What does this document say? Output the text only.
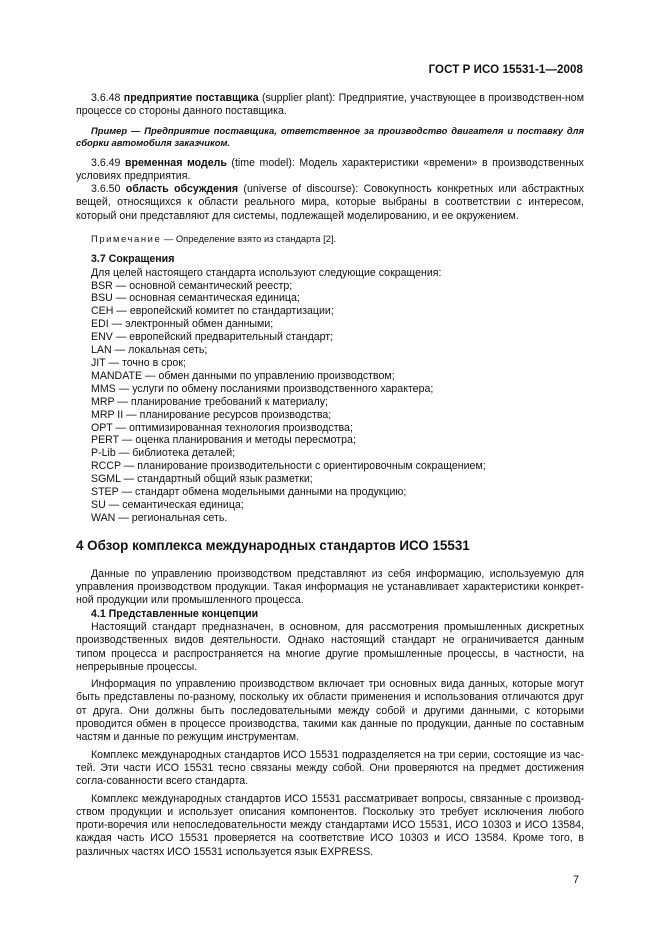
ГОСТ Р ИСО 15531-1—2008

3.6.48 предприятие поставщика (supplier plant): Предприятие, участвующее в производствен-ном процессе со стороны данного поставщика.

Пример — Предприятие поставщика, ответственное за производство двигателя и поставку для сборки автомобиля заказчиком.

3.6.49 временная модель (time model): Модель характеристики «времени» в производственных условиях предприятия.

3.6.50 область обсуждения (universe of discourse): Совокупность конкретных или абстрактных вещей, относящихся к области реального мира, которые выбраны в соответствии с интересом, который они представляют для системы, подлежащей моделированию, и ее окружением.

Примечание — Определение взято из стандарта [2].

3.7 Сокращения

Для целей настоящего стандарта используют следующие сокращения:

BSR — основной семантический реестр;

BSU — основная семантическая единица;

CEH — европейский комитет по стандартизации;

EDI — электронный обмен данными;

ENV — европейский предварительный стандарт;

LAN — локальная сеть;

JIT — точно в срок;

MANDATE — обмен данными по управлению производством;

MMS — услуги по обмену посланиями производственного характера;

MRP — планирование требований к материалу;

MRP II — планирование ресурсов производства;

OPT — оптимизированная технология производства;

PERT — оценка планирования и методы пересмотра;

P-Lib — библиотека деталей;

RCCP — планирование производительности с ориентировочным сокращением;

SGML — стандартный общий язык разметки;

STEP — стандарт обмена модельными данными на продукцию;

SU — семантическая единица;

WAN — региональная сеть.

4 Обзор комплекса международных стандартов ИСО 15531

Данные по управлению производством представляют из себя информацию, используемую для управления производством продукции. Такая информация не устанавливает характеристики конкрет-ной продукции или промышленного процесса.

4.1 Представленные концепции

Настоящий стандарт предназначен, в основном, для рассмотрения промышленных дискретных производственных видов деятельности. Однако настоящий стандарт не ограничивается данным типом процесса и распространяется на многие другие промышленные процессы, в частности, на непрерывные процессы.

Информация по управлению производством включает три основных вида данных, которые могут быть представлены по-разному, поскольку их области применения и использования отличаются друг от друга. Они должны быть последовательными между собой и другими данными, с которыми проводится обмен в процессе производства, такими как данные по продукции, данные по составным частям и данные по режущим инструментам.

Комплекс международных стандартов ИСО 15531 подразделяется на три серии, состоящие из час-тей. Эти части ИСО 15531 тесно связаны между собой. Они проверяются на предмет достижения согла-сованности всего стандарта.

Комплекс международных стандартов ИСО 15531 рассматривает вопросы, связанные с производ-ством продукции и использует описания компонентов. Поскольку это требует исключения любого проти-воречия или непоследовательности между стандартами ИСО 15531, ИСО 10303 и ИСО 13584, каждая часть ИСО 15531 проверяется на соответствие ИСО 10303 и ИСО 13584. Кроме того, в различных частях ИСО 15531 используется язык EXPRESS.

7
